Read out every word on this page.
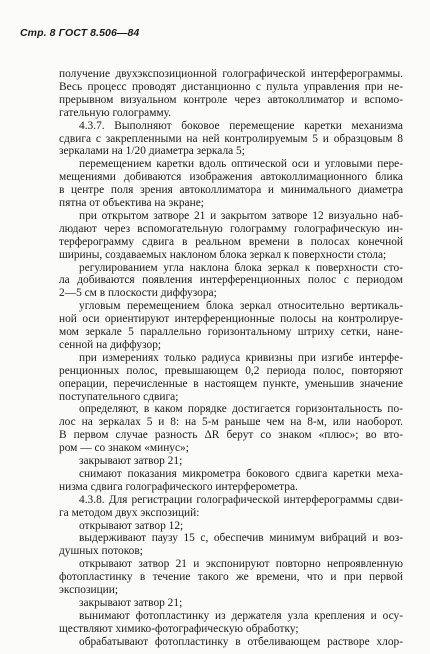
Стр. 8 ГОСТ 8.506—84
получение двухэкспозиционной голографической интерферограммы.
Весь процесс проводят дистанционно с пульта управления при не-
прерывном визуальном контроле через автоколлиматор и вспомо-
гательную голограмму.
4.3.7. Выполняют боковое перемещение каретки механизма
сдвига с закрепленными на ней контролируемым 5 и образцовым 8
зеркалами на 1/20 диаметра зеркала 5;
перемещением каретки вдоль оптической оси и угловыми пере-
мещениями добиваются изображения автоколлимационного блика
в центре поля зрения автоколлиматора и минимального диаметра
пятна от объектива на экране;
при открытом затворе 21 и закрытом затворе 12 визуально наб-
людают через вспомогательную голограмму голографическую ин-
терферограмму сдвига в реальном времени в полосах конечной
ширины, создаваемых наклоном блока зеркал к поверхности стола;
регулированием угла наклона блока зеркал к поверхности сто-
ла добиваются появления интерференционных полос с периодом
2—5 см в плоскости диффузора;
угловым перемещением блока зеркал относительно вертикаль-
ной оси ориентируют интерференционные полосы на контролируе-
мом зеркале 5 параллельно горизонтальному штриху сетки, нане-
сенной на диффузор;
при измерениях только радиуса кривизны при изгибе интерфе-
ренционных полос, превышающем 0,2 периода полос, повторяют
операции, перечисленные в настоящем пункте, уменьшив значение
поступательного сдвига;
определяют, в каком порядке достигается горизонтальность по-
лос на зеркалах 5 и 8: на 5-м раньше чем на 8-м, или наоборот.
В первом случае разность ΔR берут со знаком «плюс»; во вто-
ром — со знаком «минус»;
закрывают затвор 21;
снимают показания микрометра бокового сдвига каретки меха-
низма сдвига голографического интерферометра.
4.3.8. Для регистрации голографической интерферограммы сдви-
га методом двух экспозиций:
открывают затвор 12;
выдерживают паузу 15 с, обеспечив минимум вибраций и воз-
душных потоков;
открывают затвор 21 и экспонируют повторно непроявленную
фотопластинку в течение такого же времени, что и при первой
экспозиции;
закрывают затвор 21;
вынимают фотопластинку из держателя узла крепления и осу-
ществляют химико-фотографическую обработку;
обрабатывают фотопластинку в отбеливающем растворе хлор-
